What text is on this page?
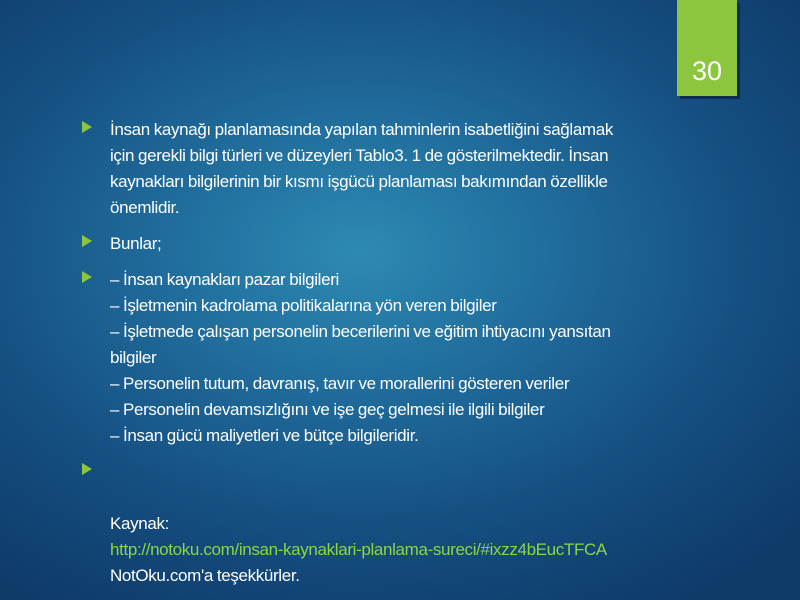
30
İnsan kaynağı planlamasında yapılan tahminlerin isabetliğini sağlamak
için gerekli bilgi türleri ve düzeyleri Tablo3. 1 de gösterilmektedir. İnsan
kaynakları bilgilerinin bir kısmı işgücü planlaması bakımından özellikle
önemlidir.
Bunlar;
– İnsan kaynakları pazar bilgileri
– İşletmenin kadrolama politikalarına yön veren bilgiler
– İşletmede çalışan personelin becerilerini ve eğitim ihtiyacını yansıtan
bilgiler
– Personelin tutum, davranış, tavır ve morallerini gösteren veriler
– Personelin devamsızlığını ve işe geç gelmesi ile ilgili bilgiler
– İnsan gücü maliyetleri ve bütçe bilgileridir.
Kaynak:
http://notoku.com/insan-kaynaklari-planlama-sureci/#ixzz4bEucTFCA
NotOku.com'a teşekkürler.
